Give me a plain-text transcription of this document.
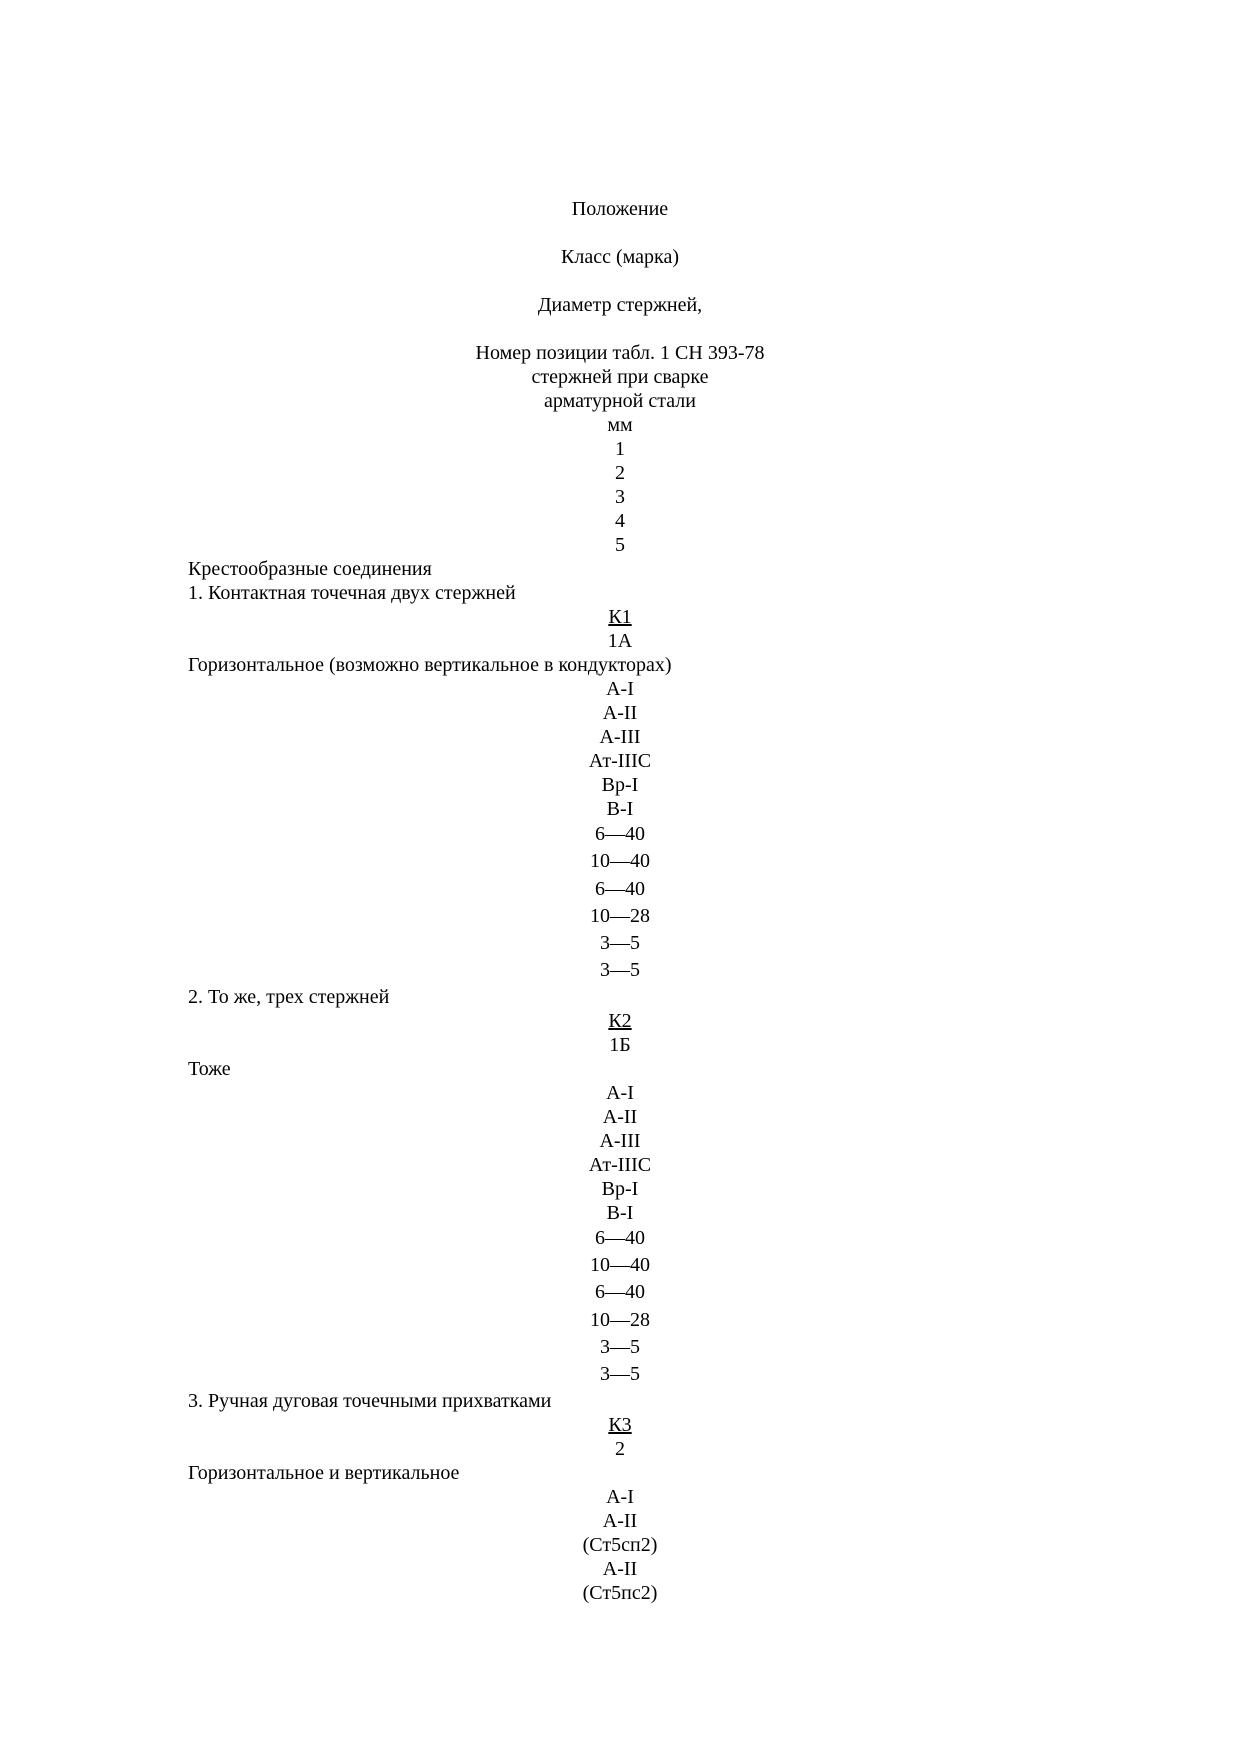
Положение
Класс (марка)
Диаметр стержней,
Номер позиции табл. 1 СН 393-78
стержней при сварке
арматурной стали
мм
1
2
3
4
5
Крестообразные соединения
1. Контактная точечная двух стержней
К1
1А
Горизонтальное (возможно вертикальное в кондукторах)
А-I
А-II
А-III
Ат-IIIС
Вр-I
В-I
6—40
10—40
6—40
10—28
3—5
3—5
2. То же, трех стержней
К2
1Б
Тоже
А-I
А-II
А-III
Ат-IIIС
Вр-I
В-I
6—40
10—40
6—40
10—28
3—5
3—5
3. Ручная дуговая точечными прихватками
К3
2
Горизонтальное и вертикальное
А-I
А-II
(Ст5сп2)
А-II
(Ст5пс2)
